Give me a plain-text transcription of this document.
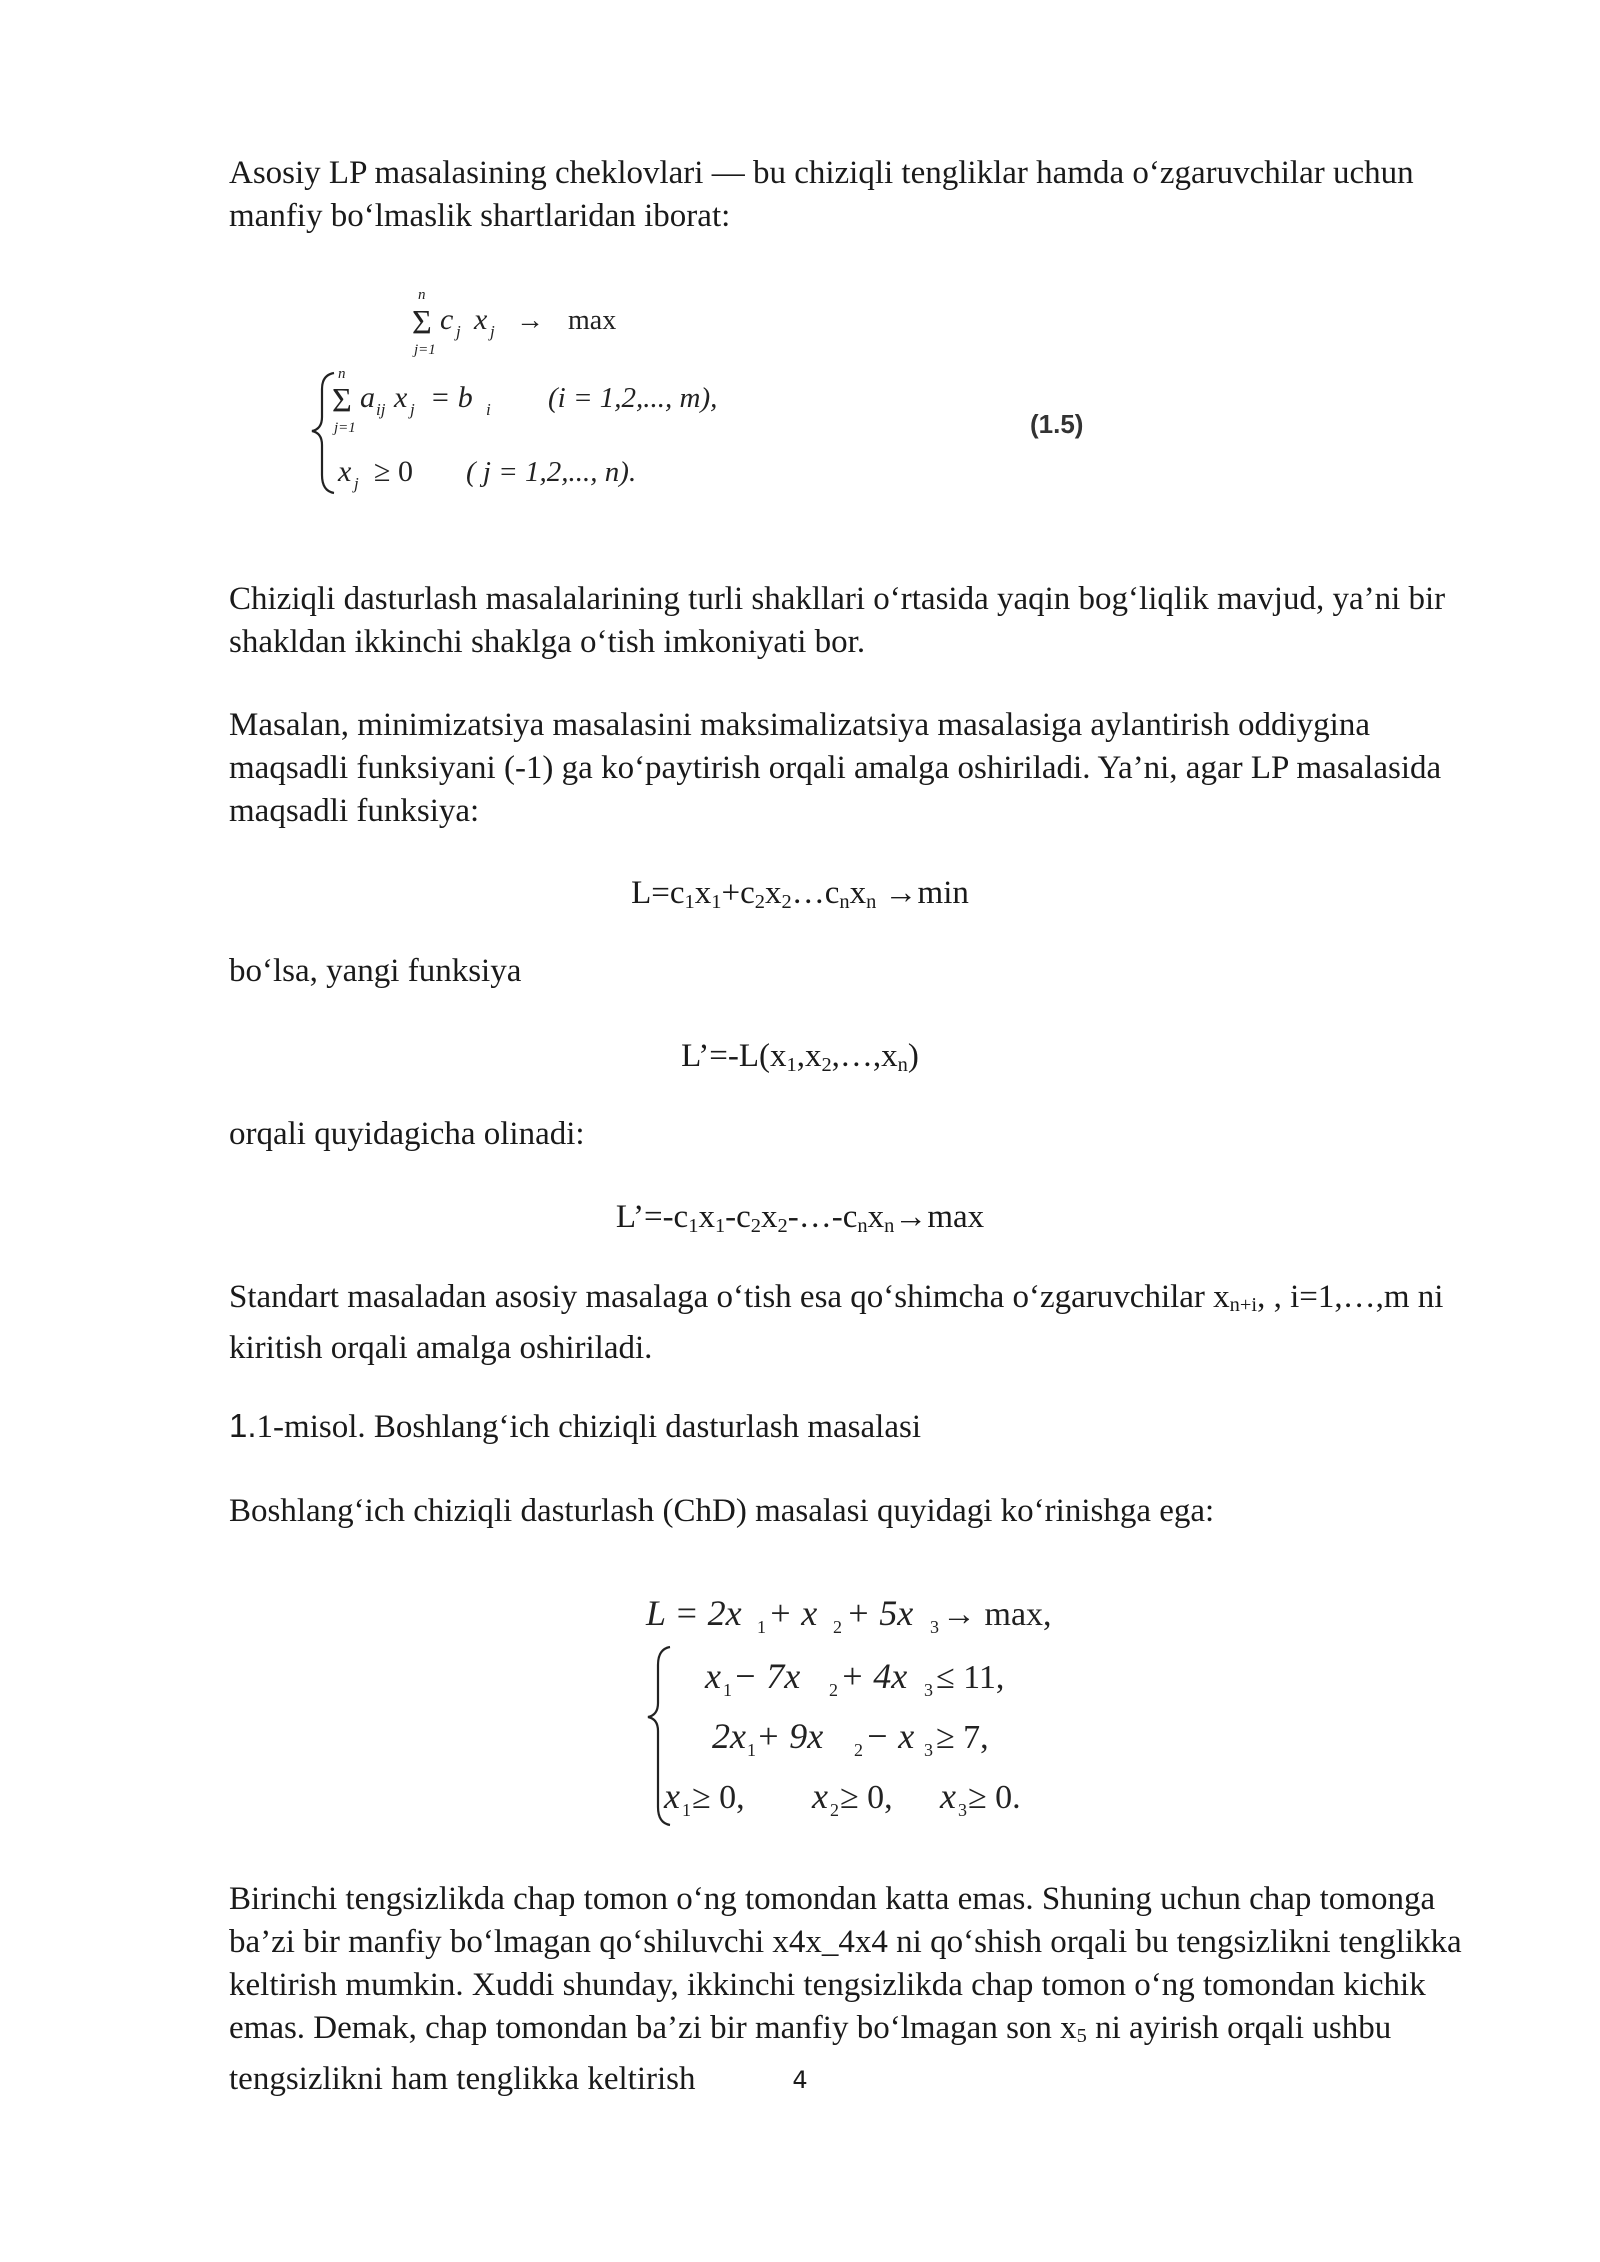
Asosiy LP masalasining cheklovlari — bu chiziqli tengliklar hamda o‘zgaruvchilar uchun manfiy bo‘lmaslik shartlaridan iborat:

n
Σ
j=1
c j x j → max
n
Σ
j=1
a ij x j = b i (i = 1,2,..., m),
x j ≥ 0 ( j = 1,2,..., n).
(1.5)

Chiziqli dasturlash masalalarining turli shakllari o‘rtasida yaqin bog‘liqlik mavjud, ya’ni bir shakldan ikkinchi shaklga o‘tish imkoniyati bor.

Masalan, minimizatsiya masalasini maksimalizatsiya masalasiga aylantirish oddiygina maqsadli funksiyani (-1) ga ko‘paytirish orqali amalga oshiriladi. Ya’ni, agar LP masalasida maqsadli funksiya:

$L=c_1x_1+c_2x_2\dots c_nx_n \to\min$

bo‘lsa, yangi funksiya

$L’=-L(x_1,x_2,\dots,x_n)$

orqali quyidagicha olinadi:

$L’=-c_1x_1-c_2x_2-\dots-c_nx_n\to\max$

Standart masaladan asosiy masalaga o‘tish esa qo‘shimcha o‘zgaruvchilar xn+i, , i=1,…,m ni kiritish orqali amalga oshiriladi.

1.1-misol. Boshlang‘ich chiziqli dasturlash masalasi

Boshlang‘ich chiziqli dasturlash (ChD) masalasi quyidagi ko‘rinishga ega:

L = 2x 1 + x 2 + 5x 3 → max,
x 1 − 7x 2 + 4x 3 ≤ 11,
2x 1 + 9x 2 − x 3 ≥ 7,
x 1 ≥ 0, x 2 ≥ 0, x 3 ≥ 0.

Birinchi tengsizlikda chap tomon o‘ng tomondan katta emas. Shuning uchun chap tomonga ba’zi bir manfiy bo‘lmagan qo‘shiluvchi x4x_4x4 ni qo‘shish orqali bu tengsizlikni tenglikka keltirish mumkin. Xuddi shunday, ikkinchi tengsizlikda chap tomon o‘ng tomondan kichik emas. Demak, chap tomondan ba’zi bir manfiy bo‘lmagan son x5 ni ayirish orqali ushbu tengsizlikni ham tenglikka keltirish	4
